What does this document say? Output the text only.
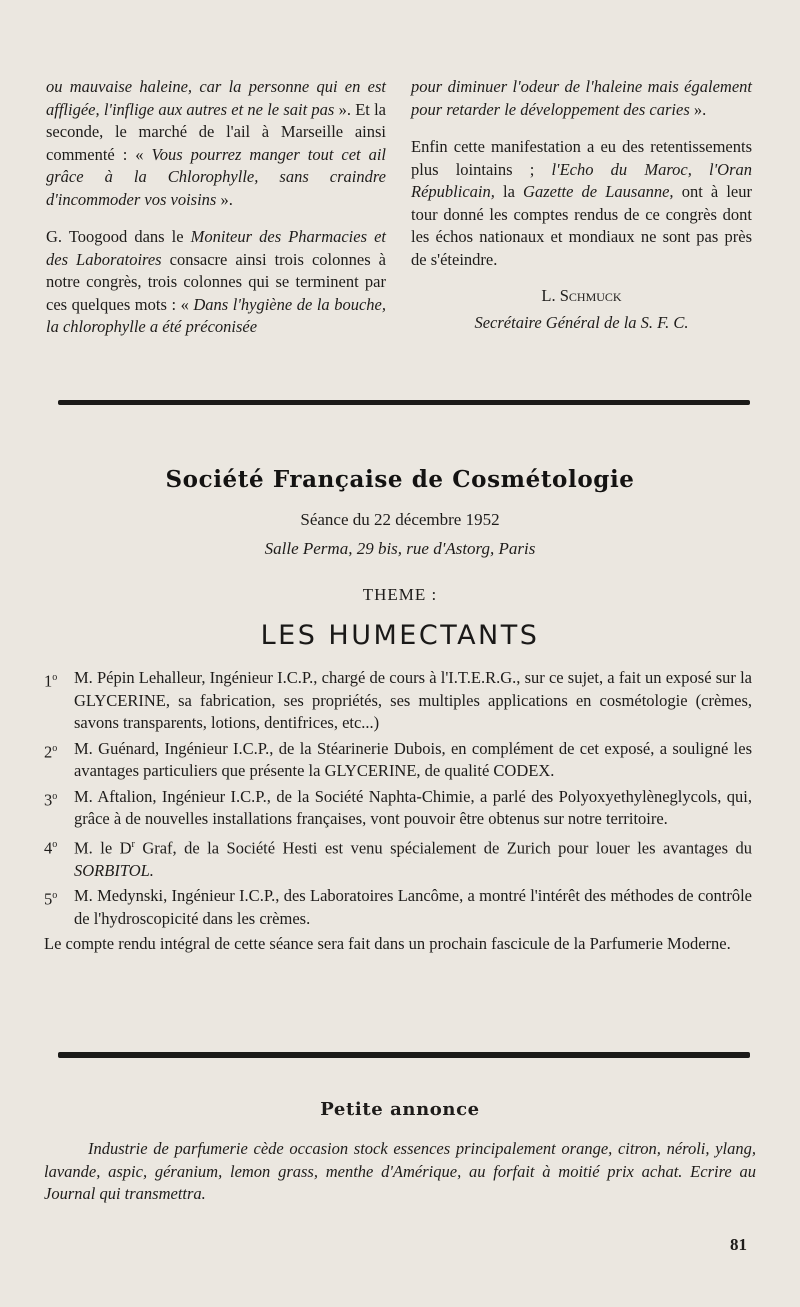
ou mauvaise haleine, car la personne qui en est affligée, l'inflige aux autres et ne le sait pas ». Et la seconde, le marché de l'ail à Marseille ainsi commenté : « Vous pourrez manger tout cet ail grâce à la Chlorophylle, sans craindre d'incommoder vos voisins ».

G. Toogood dans le Moniteur des Pharmacies et des Laboratoires consacre ainsi trois colonnes à notre congrès, trois colonnes qui se terminent par ces quelques mots : « Dans l'hygiène de la bouche, la chlorophylle a été préconisée

pour diminuer l'odeur de l'haleine mais également pour retarder le développement des caries ».

Enfin cette manifestation a eu des retentissements plus lointains ; l'Echo du Maroc, l'Oran Républicain, la Gazette de Lausanne, ont à leur tour donné les comptes rendus de ce congrès dont les échos nationaux et mondiaux ne sont pas près de s'éteindre.

L. Schmuck

Secrétaire Général de la S. F. C.

Société Française de Cosmétologie
Séance du 22 décembre 1952
Salle Perma, 29 bis, rue d'Astorg, Paris
THEME :
LES HUMECTANTS

1$^o$ M. Pépin Lehalleur, Ingénieur I.C.P., chargé de cours à l'I.T.E.R.G., sur ce sujet, a fait un exposé sur la GLYCERINE, sa fabrication, ses propriétés, ses multiples applications en cosmétologie (crèmes, savons transparents, lotions, dentifrices, etc...)

2$^o$ M. Guénard, Ingénieur I.C.P., de la Stéarinerie Dubois, en complément de cet exposé, a souligné les avantages particuliers que présente la GLYCERINE, de qualité CODEX.

3$^o$ M. Aftalion, Ingénieur I.C.P., de la Société Naphta-Chimie, a parlé des Polyoxyethylèneglycols, qui, grâce à de nouvelles installations françaises, vont pouvoir être obtenus sur notre territoire.

4$^o$ M. le $D^r$ Graf, de la Société Hesti est venu spécialement de Zurich pour louer les avantages du SORBITOL.

5$^o$ M. Medynski, Ingénieur I.C.P., des Laboratoires Lancôme, a montré l'intérêt des méthodes de contrôle de l'hydroscopicité dans les crèmes.

Le compte rendu intégral de cette séance sera fait dans un prochain fascicule de la Parfumerie Moderne.

Petite annonce
Industrie de parfumerie cède occasion stock essences principalement orange, citron, néroli, ylang, lavande, aspic, géranium, lemon grass, menthe d'Amérique, au forfait à moitié prix achat. Ecrire au Journal qui transmettra.
81
